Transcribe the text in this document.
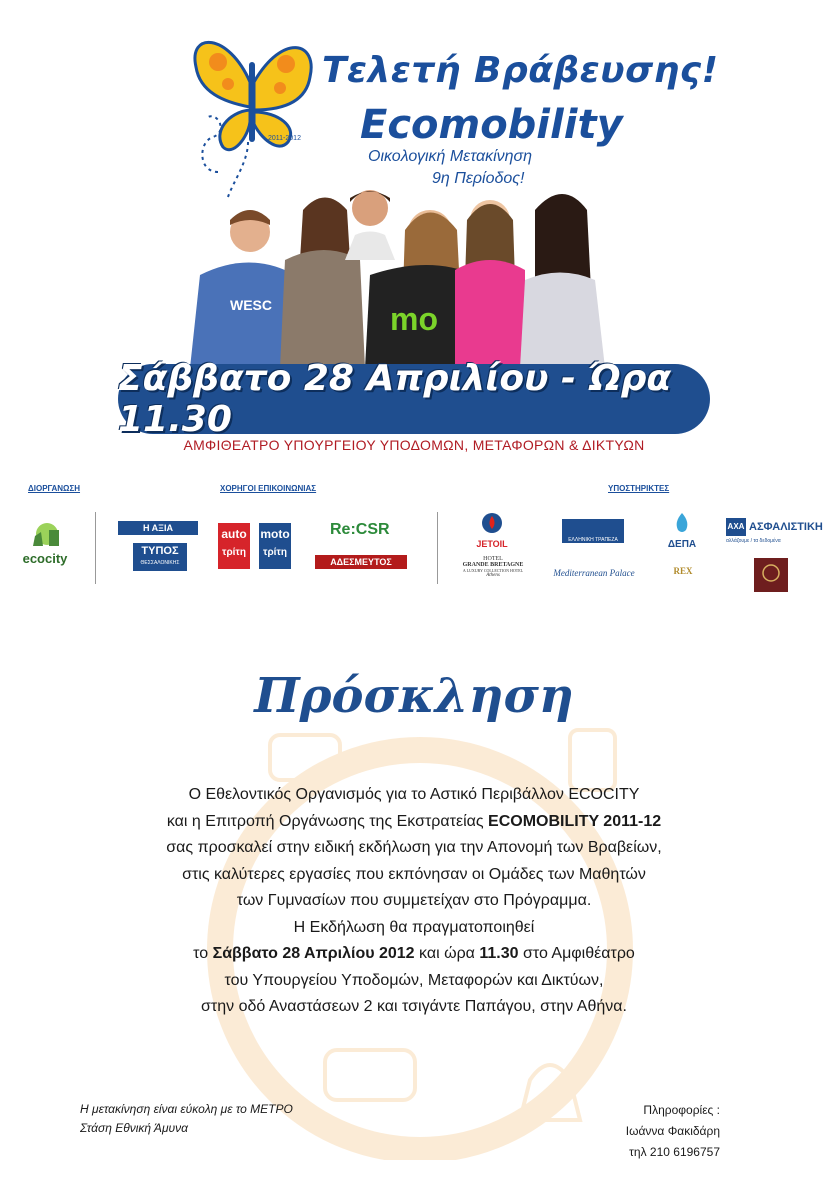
2011-2012
Τελετή Βράβευσης!
Ecomobility
Οικολογική Μετακίνηση
9η Περίοδος!
WESC	mo
Σάββατο 28 Απριλίου - Ώρα 11.30
ΑΜΦΙΘΕΑΤΡΟ ΥΠΟΥΡΓΕΙΟΥ ΥΠΟΔΟΜΩΝ, ΜΕΤΑΦΟΡΩΝ & ΔΙΚΤΥΩΝ
ΔΙΟΡΓΑΝΩΣΗ	ΧΟΡΗΓΟΙ ΕΠΙΚΟΙΝΩΝΙΑΣ	ΥΠΟΣΤΗΡΙΚΤΕΣ
ecocity
Η ΑΞΙΑ
ΤΥΠΟΣ
ΘΕΣΣΑΛΟΝΙΚΗΣ
auto
τρίτη
moto
τρίτη
Re:CSR
ΑΔΕΣΜΕΥΤΟΣ
JETOIL
HOTEL
GRANDE BRETAGNE
A LUXURY COLLECTION HOTEL
Athens
ΕΛΛΗΝΙΚΗ ΤΡΑΠΕΖΑ
Mediterranean Palace
ΔΕΠΑ
REX
AXA ΑΣΦΑΛΙΣΤΙΚΗ
αλλάζουμε / τα δεδομένα
Πρόσκληση

Ο Εθελοντικός Οργανισμός για το Αστικό Περιβάλλον ECOCITY

και η Επιτροπή Οργάνωσης της Εκστρατείας ECOMOBILITY 2011-12

σας προσκαλεί στην ειδική εκδήλωση για την Απονομή των Βραβείων,

στις καλύτερες εργασίες που εκπόνησαν οι Ομάδες των Μαθητών

των Γυμνασίων που συμμετείχαν στο Πρόγραμμα.

Η Εκδήλωση θα πραγματοποιηθεί

το Σάββατο 28 Απριλίου 2012 και ώρα 11.30 στο Αμφιθέατρο

του Υπουργείου Υποδομών, Μεταφορών και Δικτύων,

στην οδό Αναστάσεων 2 και τσιγάντε Παπάγου, στην Αθήνα.

Η μετακίνηση είναι εύκολη με το ΜΕΤΡΟ
Στάση Εθνική Άμυνα
Πληροφορίες :
Ιωάννα Φακιδάρη
τηλ 210 6196757
